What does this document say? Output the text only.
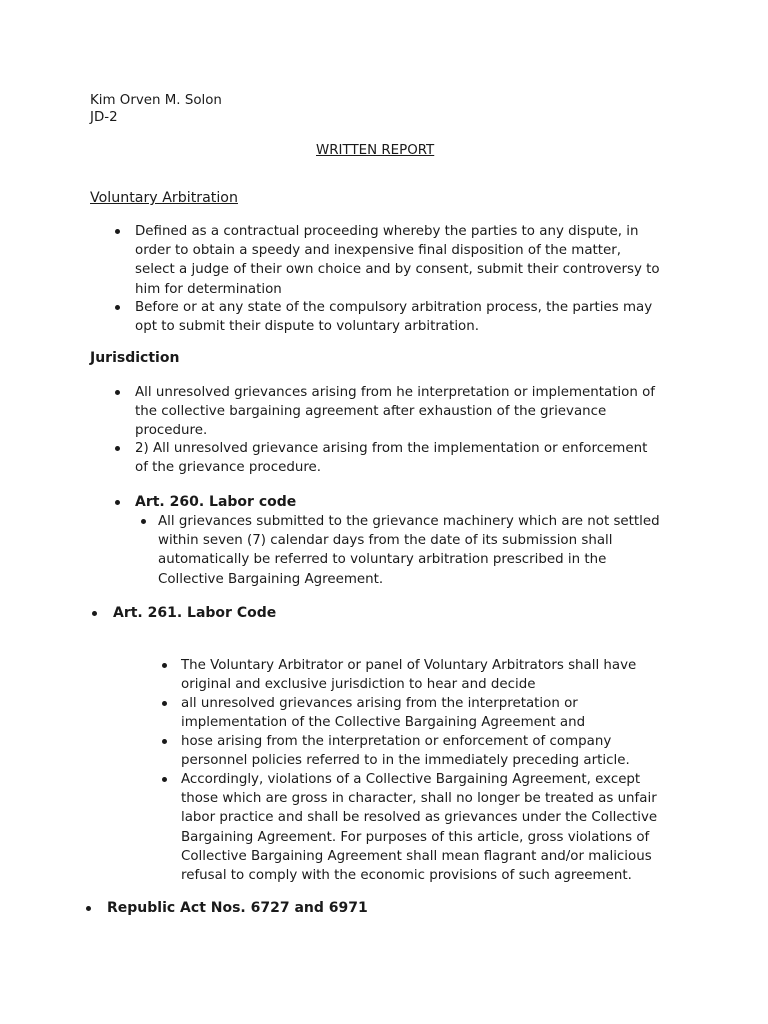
Kim Orven M. Solon
JD-2
WRITTEN REPORT
Voluntary Arbitration
Defined as a contractual proceeding whereby the parties to any dispute, in
order to obtain a speedy and inexpensive final disposition of the matter,
select a judge of their own choice and by consent, submit their controversy to
him for determination
Before or at any state of the compulsory arbitration process, the parties may
opt to submit their dispute to voluntary arbitration.
Jurisdiction
All unresolved grievances arising from he interpretation or implementation of
the collective bargaining agreement after exhaustion of the grievance
procedure.
2) All unresolved grievance arising from the implementation or enforcement
of the grievance procedure.
Art. 260. Labor code
All grievances submitted to the grievance machinery which are not settled
within seven (7) calendar days from the date of its submission shall
automatically be referred to voluntary arbitration prescribed in the
Collective Bargaining Agreement.
Art. 261. Labor Code
The Voluntary Arbitrator or panel of Voluntary Arbitrators shall have
original and exclusive jurisdiction to hear and decide
all unresolved grievances arising from the interpretation or
implementation of the Collective Bargaining Agreement and
hose arising from the interpretation or enforcement of company
personnel policies referred to in the immediately preceding article.
Accordingly, violations of a Collective Bargaining Agreement, except
those which are gross in character, shall no longer be treated as unfair
labor practice and shall be resolved as grievances under the Collective
Bargaining Agreement. For purposes of this article, gross violations of
Collective Bargaining Agreement shall mean flagrant and/or malicious
refusal to comply with the economic provisions of such agreement.
Republic Act Nos. 6727 and 6971
